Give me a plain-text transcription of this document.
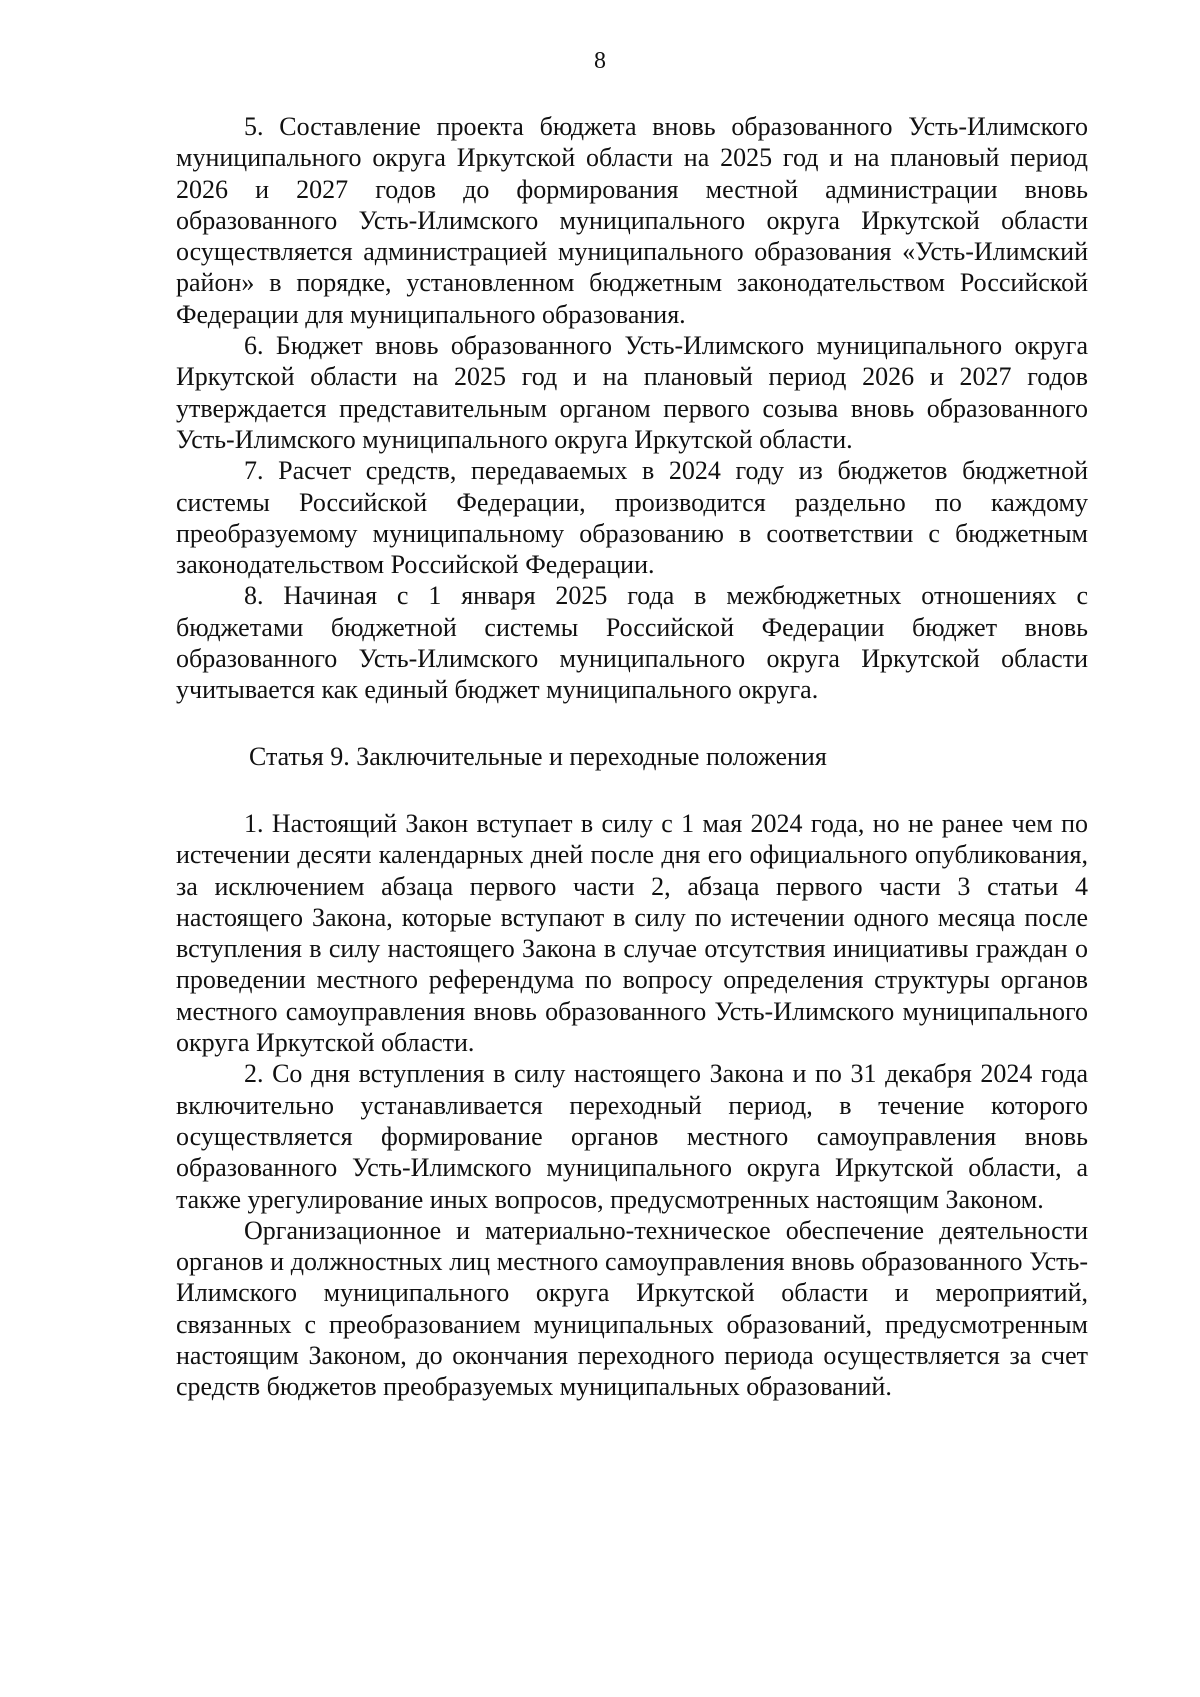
8

5. Составление проекта бюджета вновь образованного Усть-Илимского муниципального округа Иркутской области на 2025 год и на плановый период 2026 и 2027 годов до формирования местной администрации вновь образованного Усть-Илимского муниципального округа Иркутской области осуществляется администрацией муниципального образования «Усть-Илимский район» в порядке, установленном бюджетным законодательством Российской Федерации для муниципального образования.

6. Бюджет вновь образованного Усть-Илимского муниципального округа Иркутской области на 2025 год и на плановый период 2026 и 2027 годов утверждается представительным органом первого созыва вновь образованного Усть-Илимского муниципального округа Иркутской области.

7. Расчет средств, передаваемых в 2024 году из бюджетов бюджетной системы Российской Федерации, производится раздельно по каждому преобразуемому муниципальному образованию в соответствии с бюджетным законодательством Российской Федерации.

8. Начиная с 1 января 2025 года в межбюджетных отношениях с бюджетами бюджетной системы Российской Федерации бюджет вновь образованного Усть-Илимского муниципального округа Иркутской области учитывается как единый бюджет муниципального округа.

Статья 9. Заключительные и переходные положения

1. Настоящий Закон вступает в силу с 1 мая 2024 года, но не ранее чем по истечении десяти календарных дней после дня его официального опубликования, за исключением абзаца первого части 2, абзаца первого части 3 статьи 4 настоящего Закона, которые вступают в силу по истечении одного месяца после вступления в силу настоящего Закона в случае отсутствия инициативы граждан о проведении местного референдума по вопросу определения структуры органов местного самоуправления вновь образованного Усть-Илимского муниципального округа Иркутской области.

2. Со дня вступления в силу настоящего Закона и по 31 декабря 2024 года включительно устанавливается переходный период, в течение которого осуществляется формирование органов местного самоуправления вновь образованного Усть-Илимского муниципального округа Иркутской области, а также урегулирование иных вопросов, предусмотренных настоящим Законом.

Организационное и материально-техническое обеспечение деятельности органов и должностных лиц местного самоуправления вновь образованного Усть-Илимского муниципального округа Иркутской области и мероприятий, связанных с преобразованием муниципальных образований, предусмотренным настоящим Законом, до окончания переходного периода осуществляется за счет средств бюджетов преобразуемых муниципальных образований.
